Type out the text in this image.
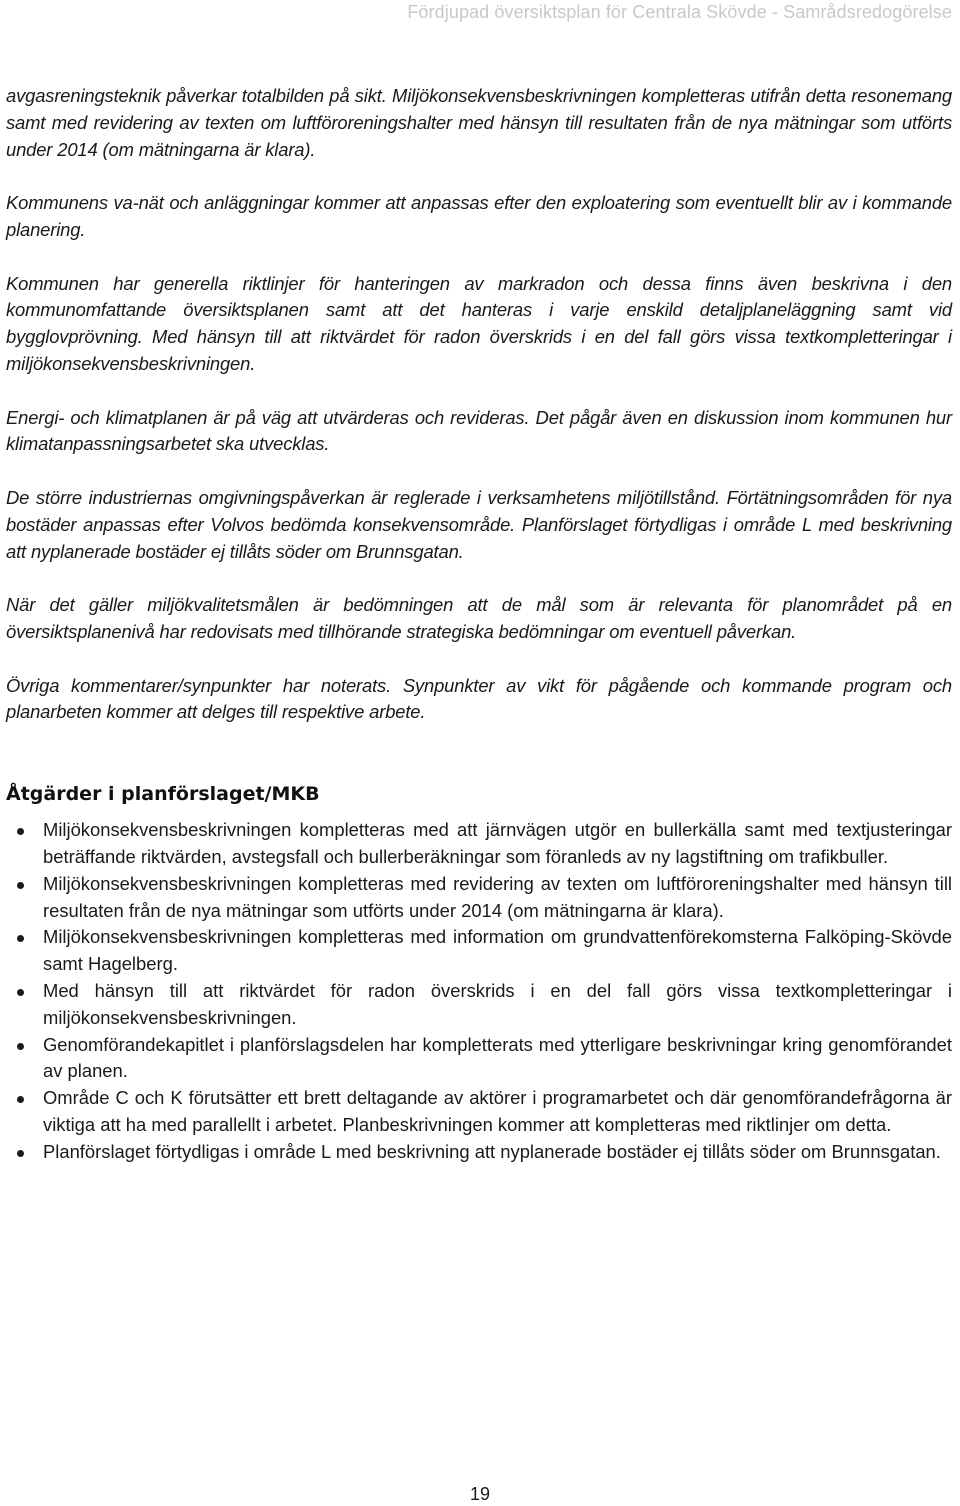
Fördjupad översiktsplan för Centrala Skövde - Samrådsredogörelse

avgasreningsteknik påverkar totalbilden på sikt. Miljökonsekvensbeskrivningen kompletteras utifrån detta resonemang samt med revidering av texten om luftföroreningshalter med hänsyn till resultaten från de nya mätningar som utförts under 2014 (om mätningarna är klara).

Kommunens va-nät och anläggningar kommer att anpassas efter den exploatering som eventuellt blir av i kommande planering.

Kommunen har generella riktlinjer för hanteringen av markradon och dessa finns även beskrivna i den kommunomfattande översiktsplanen samt att det hanteras i varje enskild detaljplaneläggning samt vid bygglovprövning. Med hänsyn till att riktvärdet för radon överskrids i en del fall görs vissa textkompletteringar i miljökonsekvensbeskrivningen.

Energi- och klimatplanen är på väg att utvärderas och revideras. Det pågår även en diskussion inom kommunen hur klimatanpassningsarbetet ska utvecklas.

De större industriernas omgivningspåverkan är reglerade i verksamhetens miljötillstånd. Förtätningsområden för nya bostäder anpassas efter Volvos bedömda konsekvensområde. Planförslaget förtydligas i område L med beskrivning att nyplanerade bostäder ej tillåts söder om Brunnsgatan.

När det gäller miljökvalitetsmålen är bedömningen att de mål som är relevanta för planområdet på en översiktsplanenivå har redovisats med tillhörande strategiska bedömningar om eventuell påverkan.

Övriga kommentarer/synpunkter har noterats. Synpunkter av vikt för pågående och kommande program och planarbeten kommer att delges till respektive arbete.

Åtgärder i planförslaget/MKB
Miljökonsekvensbeskrivningen kompletteras med att järnvägen utgör en bullerkälla samt med textjusteringar beträffande riktvärden, avstegsfall och bullerberäkningar som föranleds av ny lagstiftning om trafikbuller.
Miljökonsekvensbeskrivningen kompletteras med revidering av texten om luftföroreningshalter med hänsyn till resultaten från de nya mätningar som utförts under 2014 (om mätningarna är klara).
Miljökonsekvensbeskrivningen kompletteras med information om grundvattenförekomsterna Falköping-Skövde samt Hagelberg.
Med hänsyn till att riktvärdet för radon överskrids i en del fall görs vissa textkompletteringar i miljökonsekvensbeskrivningen.
Genomförandekapitlet i planförslagsdelen har kompletterats med ytterligare beskrivningar kring genomförandet av planen.
Område C och K förutsätter ett brett deltagande av aktörer i programarbetet och där genomförandefrågorna är viktiga att ha med parallellt i arbetet. Planbeskrivningen kommer att kompletteras med riktlinjer om detta.
Planförslaget förtydligas i område L med beskrivning att nyplanerade bostäder ej tillåts söder om Brunnsgatan.
19
